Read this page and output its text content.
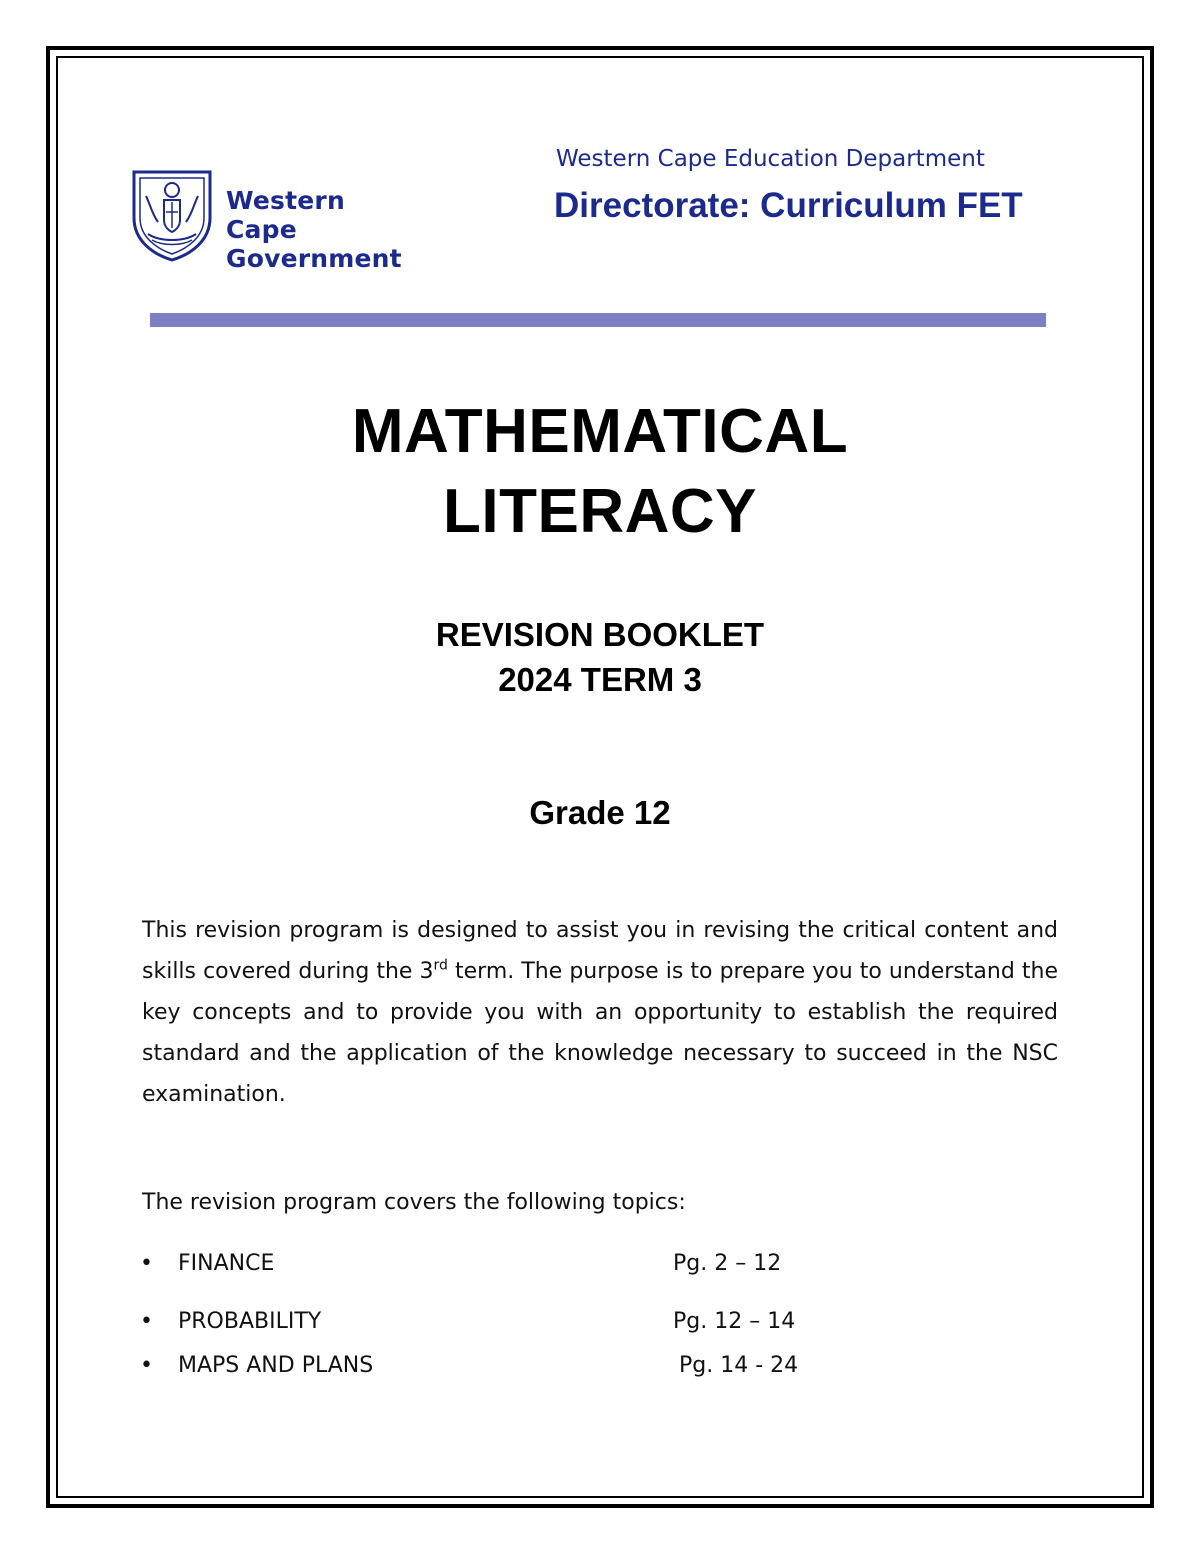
Western Cape
Government
Western Cape Education Department
Directorate: Curriculum FET
MATHEMATICAL
LITERACY
REVISION BOOKLET
2024 TERM 3
Grade 12
This revision program is designed to assist you in revising the critical content and skills covered during the 3rd term. The purpose is to prepare you to understand the key concepts and to provide you with an opportunity to establish the required standard and the application of the knowledge necessary to succeed in the NSC examination.
The revision program covers the following topics:
• FINANCE	Pg. 2 – 12
• PROBABILITY	Pg. 12 – 14
• MAPS AND PLANS	Pg. 14 - 24
